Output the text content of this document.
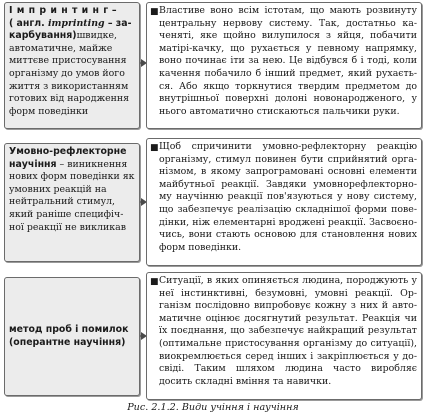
І м п р и н т и н г –
( англ. imprinting – за-карбування)швидке, автоматичне, майже миттєве пристосування організму до умов його життя з використанням готових від народження форм поведінки
■ Властиве воно всім істотам, що мають розвинуту центральну нервову систему. Так, достатньо ка-ченяті, яке щойно вилупилося з яйця, побачити матірі-качку, що рухається у певному напрямку, воно починає іти за нею. Це відбувся б і тоді, коли качення побачило б інший предмет, який рухаєть-ся. Або якщо торкнутися твердим предметом до внутрішньої поверхні долоні новонародженого, у нього автоматично стискаються пальчики руки.
Умовно-рефлекторне научіння – виникнення нових форм поведінки як умовних реакцій на нейтральний стимул, який раніше специфіч-ної реакції не викликав
■ Щоб спричинити умовно-рефлекторну реакцію організму, стимул повинен бути сприйнятий орга-нізмом, в якому запрограмовані основні елементи майбутньої реакції. Завдяки умовнорефлекторно-му научінню реакції пов'язуються у нову систему, що забезпечує реалізацію складнішої форми пове-дінки, ніж елементарні вроджені реакції. Засвоєно-чись, вони стають основою для становлення нових форм поведінки.
метод проб і помилок (оперантне научіння)
■ Ситуації, в яких опиняється людина, породжують у неї інстинктивні, безумовні, умовні реакції. Ор-ганізм послідовно випробовує кожну з них й авто-матичне оцінює досягнутий результат. Реакція чи їх поєднання, що забезпечує найкращий результат (оптимальне пристосування організму до ситуації), виокремлюється серед інших і закріплюється у до-свіді. Таким шляхом людина часто виробляє досить складні вміння та навички.
Рис. 2.1.2. Види учіння і научіння
